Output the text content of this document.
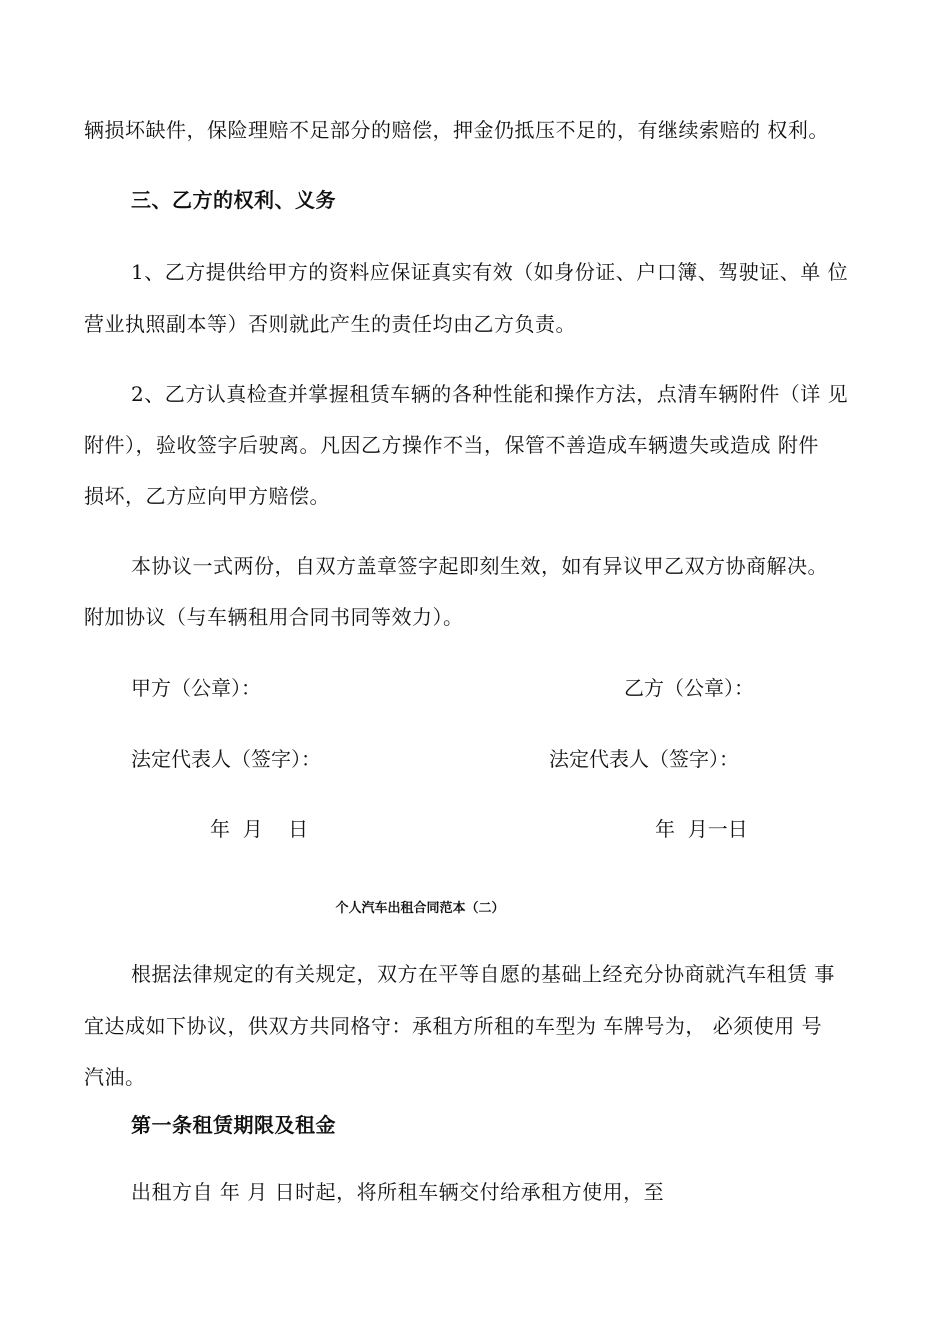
辆损坏缺件，保险理赔不足部分的赔偿，押金仍抵压不足的，有继续索赔的 权利。
三、乙方的权利、义务
1、乙方提供给甲方的资料应保证真实有效（如身份证、户口簿、驾驶证、单 位
营业执照副本等）否则就此产生的责任均由乙方负责。
2、乙方认真检查并掌握租赁车辆的各种性能和操作方法，点清车辆附件（详 见
附件），验收签字后驶离。凡因乙方操作不当，保管不善造成车辆遗失或造成 附件
损坏，乙方应向甲方赔偿。
本协议一式两份，自双方盖章签字起即刻生效，如有异议甲乙双方协商解决。
附加协议（与车辆租用合同书同等效力）。
甲方（公章）：	乙方（公章）：
法定代表人（签字）：	法定代表人（签字）：
年  月    日	年  月一日
个人汽车出租合同范本（二）
根据法律规定的有关规定，双方在平等自愿的基础上经充分协商就汽车租赁 事
宜达成如下协议，供双方共同格守：承租方所租的车型为 车牌号为， 必须使用 号
汽油。
第一条租赁期限及租金
出租方自 年 月 日时起，将所租车辆交付给承租方使用，至
